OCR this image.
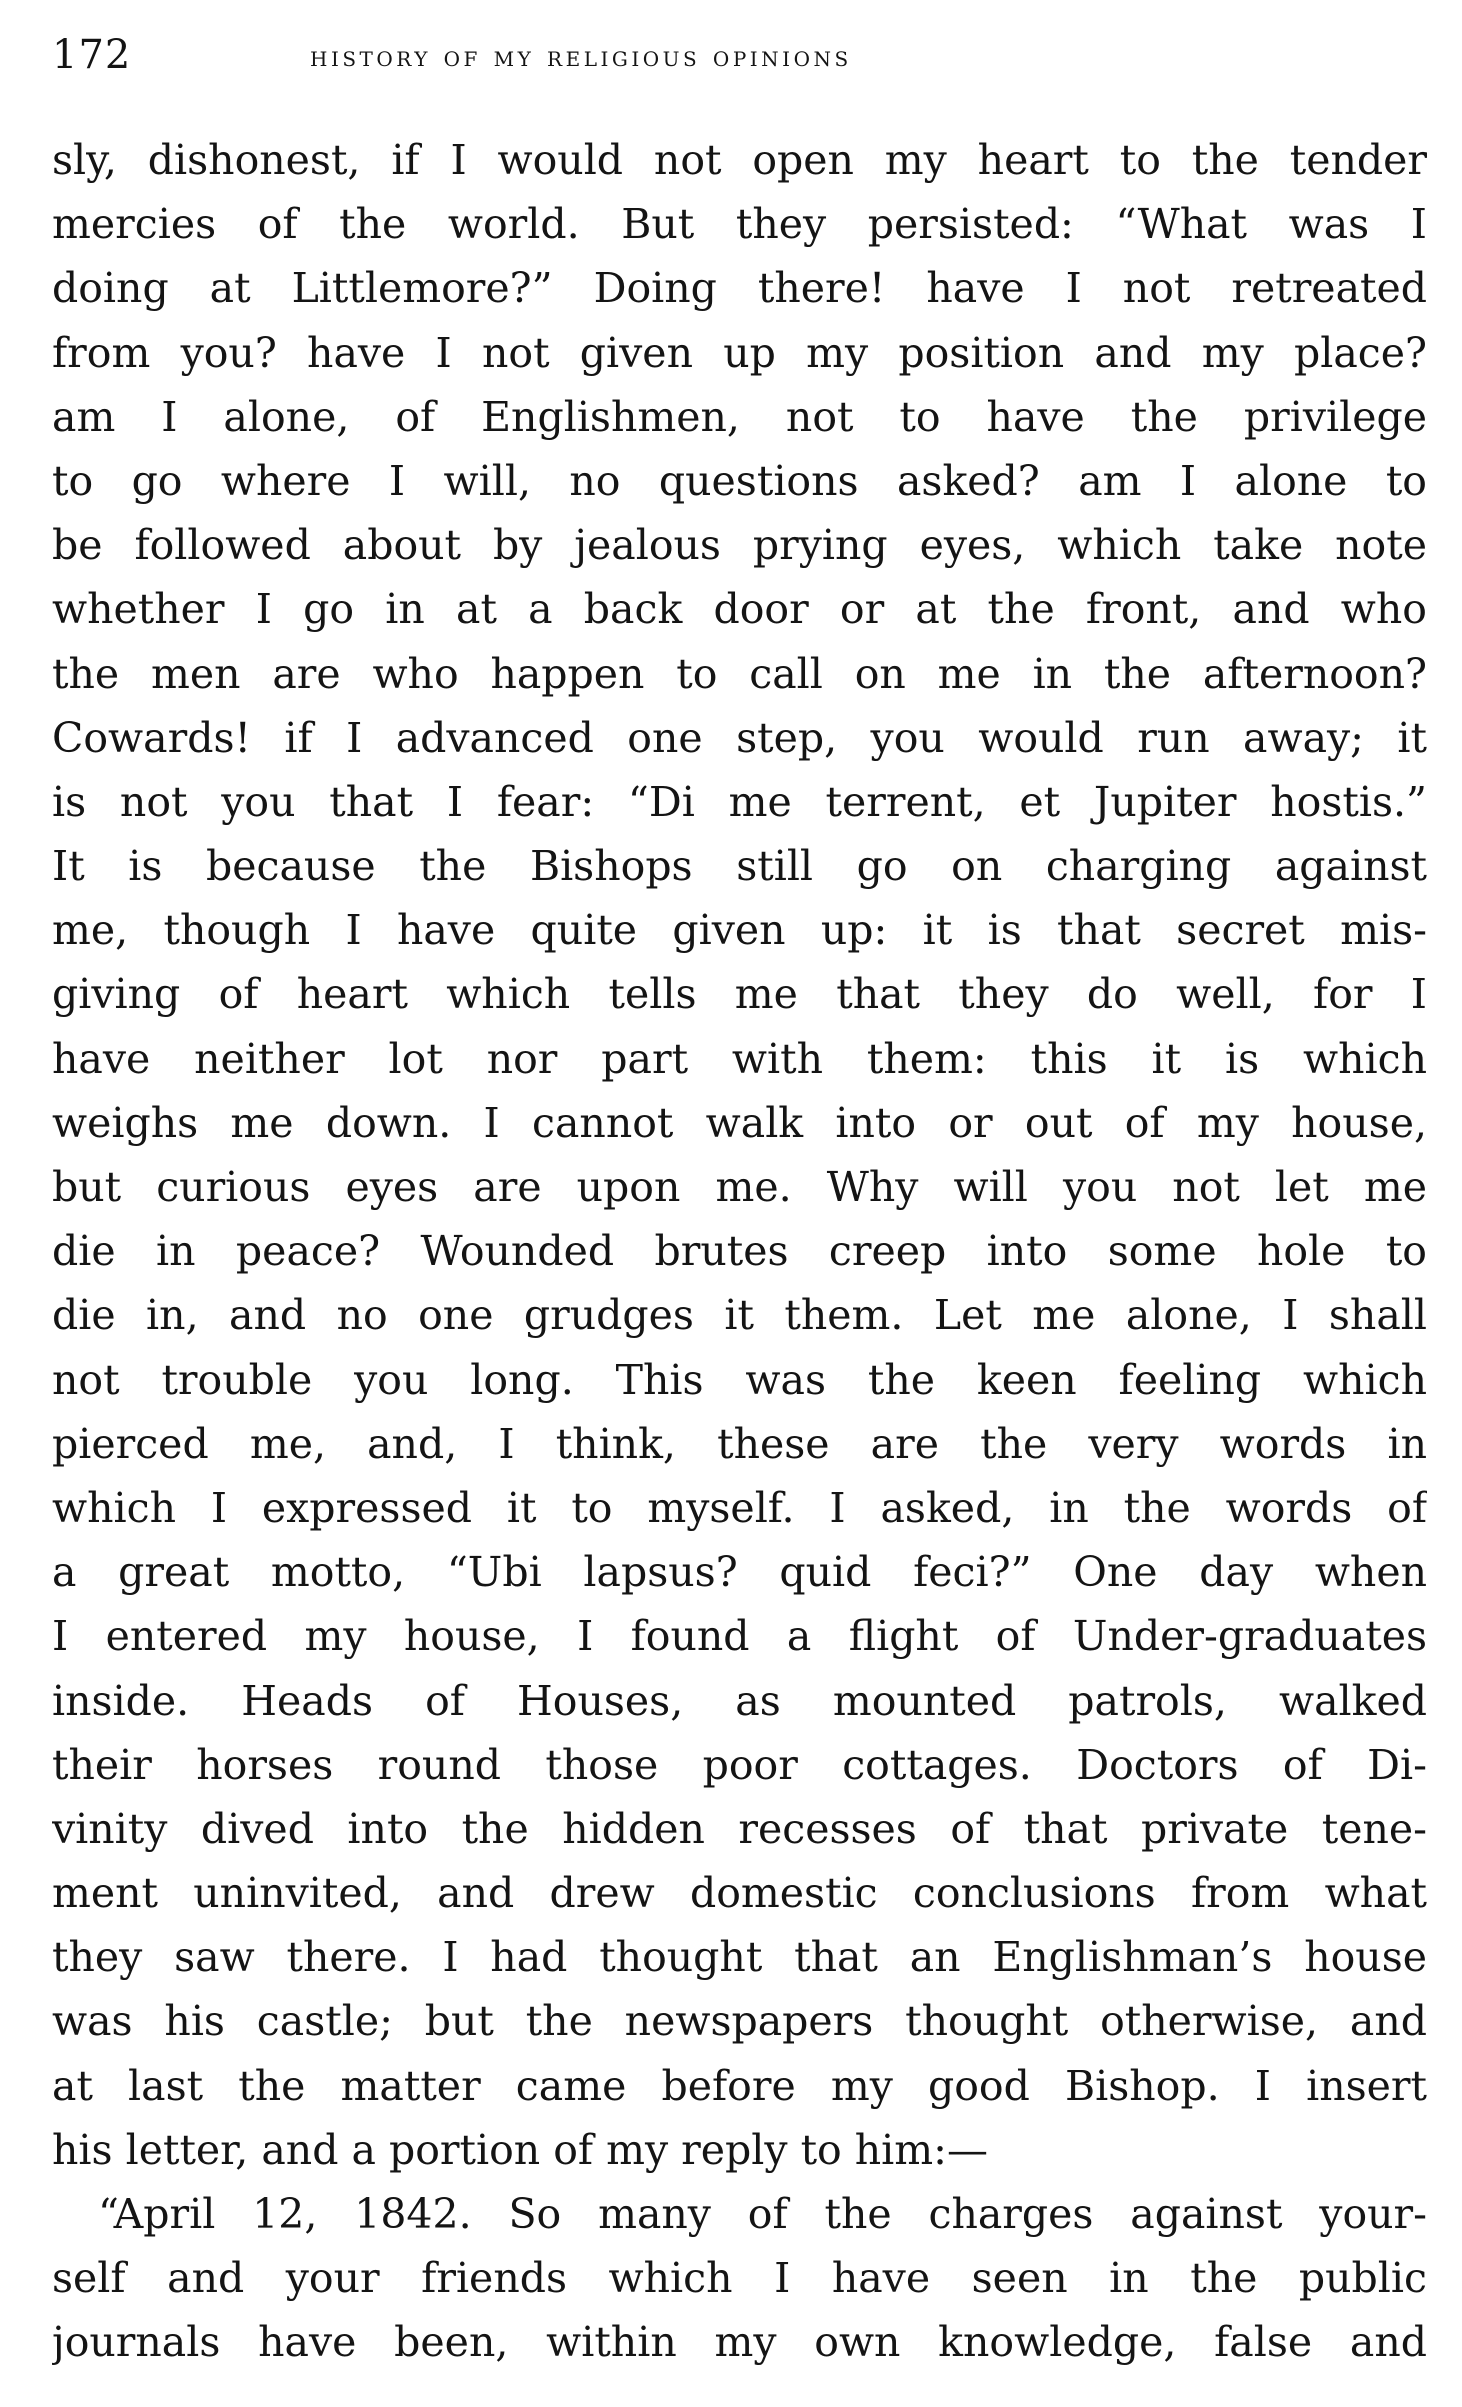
172	history of my religious opinions
sly, dishonest, if I would not open my heart to the tender
mercies of the world. But they persisted: “What was I
doing at Littlemore?” Doing there! have I not retreated
from you? have I not given up my position and my place?
am I alone, of Englishmen, not to have the privilege
to go where I will, no questions asked? am I alone to
be followed about by jealous prying eyes, which take note
whether I go in at a back door or at the front, and who
the men are who happen to call on me in the afternoon?
Cowards! if I advanced one step, you would run away; it
is not you that I fear: “Di me terrent, et Jupiter hostis.”
It is because the Bishops still go on charging against
me, though I have quite given up: it is that secret mis-
giving of heart which tells me that they do well, for I
have neither lot nor part with them: this it is which
weighs me down. I cannot walk into or out of my house,
but curious eyes are upon me. Why will you not let me
die in peace? Wounded brutes creep into some hole to
die in, and no one grudges it them. Let me alone, I shall
not trouble you long. This was the keen feeling which
pierced me, and, I think, these are the very words in
which I expressed it to myself. I asked, in the words of
a great motto, “Ubi lapsus? quid feci?” One day when
I entered my house, I found a flight of Under-graduates
inside. Heads of Houses, as mounted patrols, walked
their horses round those poor cottages. Doctors of Di-
vinity dived into the hidden recesses of that private tene-
ment uninvited, and drew domestic conclusions from what
they saw there. I had thought that an Englishman’s house
was his castle; but the newspapers thought otherwise, and
at last the matter came before my good Bishop. I insert
his letter, and a portion of my reply to him:—
“April 12, 1842. So many of the charges against your-
self and your friends which I have seen in the public
journals have been, within my own knowledge, false and
